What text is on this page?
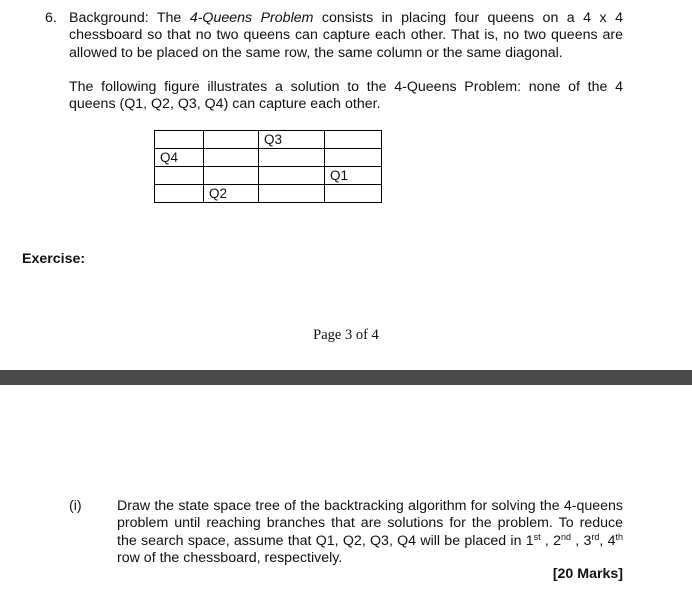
6. Background: The 4-Queens Problem consists in placing four queens on a 4 x 4 chessboard so that no two queens can capture each other. That is, no two queens are allowed to be placed on the same row, the same column or the same diagonal.
The following figure illustrates a solution to the 4-Queens Problem: none of the 4 queens (Q1, Q2, Q3, Q4) can capture each other.
		Q3	
Q4			
			Q1
	Q2		
Exercise:
Page 3 of 4
(i) Draw the state space tree of the backtracking algorithm for solving the 4-queens problem until reaching branches that are solutions for the problem. To reduce the search space, assume that Q1, Q2, Q3, Q4 will be placed in 1st , 2nd , 3rd, 4th row of the chessboard, respectively.
[20 Marks]
